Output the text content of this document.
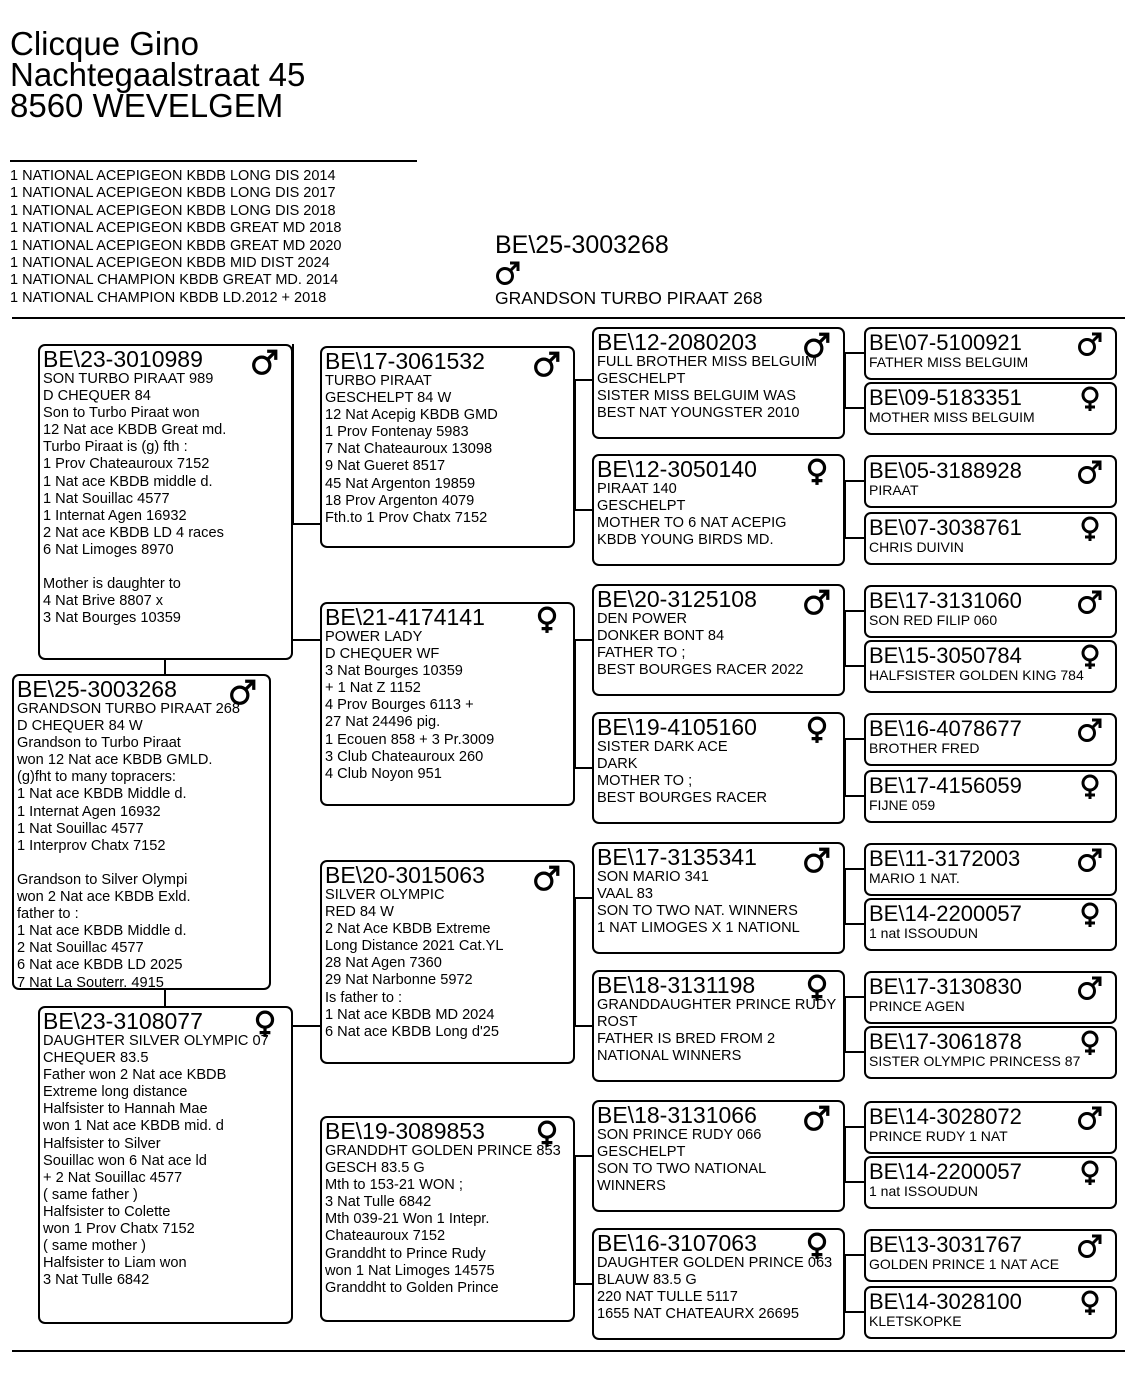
Clicque Gino
Nachtegaalstraat 45
8560 WEVELGEM
1 NATIONAL ACEPIGEON KBDB LONG DIS 2014
1 NATIONAL ACEPIGEON KBDB LONG DIS 2017
1 NATIONAL ACEPIGEON KBDB LONG DIS 2018
1 NATIONAL ACEPIGEON KBDB GREAT MD 2018
1 NATIONAL ACEPIGEON KBDB GREAT MD 2020
1 NATIONAL ACEPIGEON KBDB MID DIST 2024
1 NATIONAL CHAMPION KBDB GREAT MD. 2014
1 NATIONAL CHAMPION KBDB LD.2012 + 2018
BE\25-3003268
GRANDSON TURBO PIRAAT 268
BE\23-3010989
SON TURBO PIRAAT 989
D CHEQUER 84
Son to Turbo Piraat won
12 Nat ace KBDB Great md.
Turbo Piraat is (g) fth :
1 Prov Chateauroux 7152
1 Nat ace KBDB middle d.
1 Nat Souillac 4577
1 Internat Agen 16932
2 Nat ace KBDB LD 4 races
6 Nat Limoges 8970
Mother is daughter to
4 Nat Brive 8807 x
3 Nat Bourges 10359
BE\25-3003268
GRANDSON TURBO PIRAAT 268
D CHEQUER 84 W
Grandson to Turbo Piraat
won 12 Nat ace KBDB GMLD.
(g)fht to many topracers:
1 Nat ace KBDB Middle d.
1 Internat Agen 16932
1 Nat Souillac 4577
1 Interprov Chatx 7152
Grandson to Silver Olympi
won 2 Nat ace KBDB Exld.
father to :
1 Nat ace KBDB Middle d.
2 Nat Souillac 4577
6 Nat ace KBDB LD 2025
7 Nat La Souterr. 4915
BE\23-3108077
DAUGHTER SILVER OLYMPIC 07
CHEQUER 83.5
Father won 2 Nat ace KBDB
Extreme long distance
Halfsister to Hannah Mae
won 1 Nat ace KBDB mid. d
Halfsister to Silver
Souillac won 6 Nat ace ld
+ 2 Nat Souillac 4577
( same father )
Halfsister to Colette
won 1 Prov Chatx 7152
( same mother )
Halfsister to Liam won
3 Nat Tulle 6842
BE\17-3061532
TURBO PIRAAT
GESCHELPT 84 W
12 Nat Acepig KBDB GMD
1 Prov Fontenay 5983
7 Nat Chateauroux 13098
9 Nat Gueret 8517
45 Nat Argenton 19859
18 Prov Argenton 4079
Fth.to 1 Prov Chatx 7152
BE\21-4174141
POWER LADY
D CHEQUER WF
3 Nat Bourges 10359
+ 1 Nat Z 1152
4 Prov Bourges 6113 +
27 Nat 24496 pig.
1 Ecouen 858 + 3 Pr.3009
3 Club Chateauroux 260
4 Club Noyon 951
BE\20-3015063
SILVER OLYMPIC
RED 84 W
2 Nat Ace KBDB Extreme
Long Distance 2021 Cat.YL
28 Nat Agen 7360
29 Nat Narbonne 5972
Is father to :
1 Nat ace KBDB MD 2024
6 Nat ace KBDB Long d'25
BE\19-3089853
GRANDDHT GOLDEN PRINCE 853
GESCH 83.5 G
Mth to 153-21 WON ;
3 Nat Tulle 6842
Mth 039-21 Won 1 Intepr.
Chateauroux 7152
Granddht to Prince Rudy
won 1 Nat Limoges 14575
Granddht to Golden Prince
BE\12-2080203
FULL BROTHER MISS BELGUIM
GESCHELPT
SISTER MISS BELGUIM WAS
BEST NAT YOUNGSTER 2010
BE\12-3050140
PIRAAT 140
GESCHELPT
MOTHER TO 6 NAT ACEPIG
KBDB YOUNG BIRDS MD.
BE\20-3125108
DEN POWER
DONKER BONT 84
FATHER TO ;
BEST BOURGES RACER 2022
BE\19-4105160
SISTER DARK ACE
DARK
MOTHER TO ;
BEST BOURGES RACER
BE\17-3135341
SON MARIO 341
VAAL 83
SON TO TWO NAT. WINNERS
1 NAT LIMOGES X 1 NATIONL
BE\18-3131198
GRANDDAUGHTER PRINCE RUDY
ROST
FATHER IS BRED FROM 2
NATIONAL WINNERS
BE\18-3131066
SON PRINCE RUDY 066
GESCHELPT
SON TO TWO NATIONAL
WINNERS
BE\16-3107063
DAUGHTER GOLDEN PRINCE 063
BLAUW 83.5 G
220 NAT TULLE 5117
1655 NAT CHATEAURX 26695
BE\07-5100921
FATHER MISS BELGUIM
BE\09-5183351
MOTHER MISS BELGUIM
BE\05-3188928
PIRAAT
BE\07-3038761
CHRIS DUIVIN
BE\17-3131060
SON RED FILIP 060
BE\15-3050784
HALFSISTER GOLDEN KING 784
BE\16-4078677
BROTHER FRED
BE\17-4156059
FIJNE 059
BE\11-3172003
MARIO 1 NAT.
BE\14-2200057
1 nat ISSOUDUN
BE\17-3130830
PRINCE AGEN
BE\17-3061878
SISTER OLYMPIC PRINCESS 87
BE\14-3028072
PRINCE RUDY 1 NAT
BE\14-2200057
1 nat ISSOUDUN
BE\13-3031767
GOLDEN PRINCE 1 NAT ACE
BE\14-3028100
KLETSKOPKE
